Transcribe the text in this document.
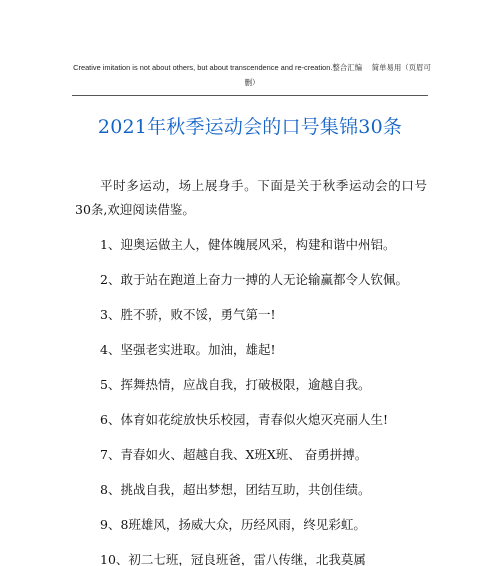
Creative imitation is not about others, but about transcendence and re-creation.整合汇编　 简单易用（页眉可删）
2021年秋季运动会的口号集锦30条

平时多运动，场上展身手。下面是关于秋季运动会的口号30条,欢迎阅读借鉴。

1、迎奥运做主人，健体魄展风采，构建和谐中州铝。
2、敢于站在跑道上奋力一搏的人无论输赢都令人钦佩。
3、胜不骄，败不馁，勇气第一!
4、坚强老实进取。加油，雄起!
5、挥舞热情，应战自我，打破极限，逾越自我。
6、体育如花绽放快乐校园，青春似火熄灭亮丽人生!
7、青春如火、超越自我、X班X班、 奋勇拼搏。
8、挑战自我，超出梦想，团结互助，共创佳绩。
9、8班雄风，扬威大众，历经风雨，终见彩虹。
10、初二七班，冠良班爸，雷八传继，北我莫属
